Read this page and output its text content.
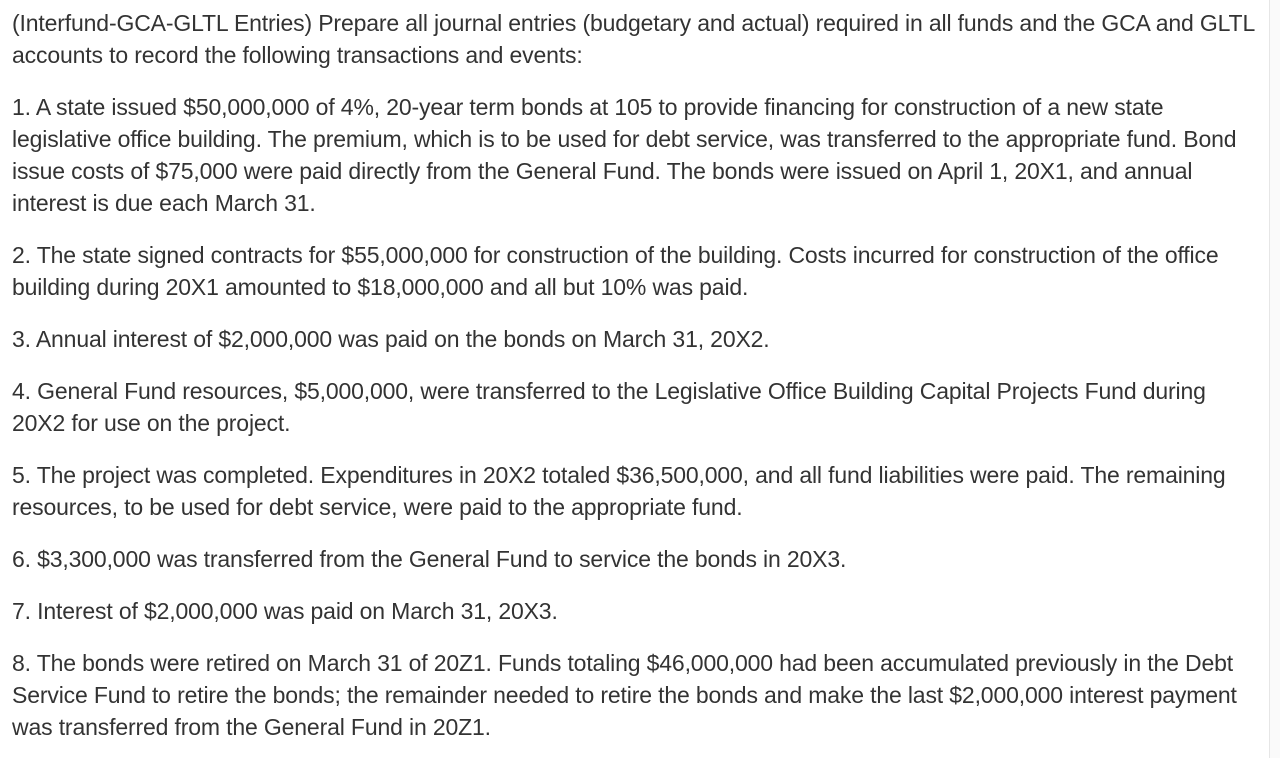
(Interfund-GCA-GLTL Entries) Prepare all journal entries (budgetary and actual) required in all funds and the GCA and GLTL accounts to record the following transactions and events:

1. A state issued $50,000,000 of 4%, 20-year term bonds at 105 to provide financing for construction of a new state legislative office building. The premium, which is to be used for debt service, was transferred to the appropriate fund. Bond issue costs of $75,000 were paid directly from the General Fund. The bonds were issued on April 1, 20X1, and annual interest is due each March 31.

2. The state signed contracts for $55,000,000 for construction of the building. Costs incurred for construction of the office building during 20X1 amounted to $18,000,000 and all but 10% was paid.

3. Annual interest of $2,000,000 was paid on the bonds on March 31, 20X2.

4. General Fund resources, $5,000,000, were transferred to the Legislative Office Building Capital Projects Fund during 20X2 for use on the project.

5. The project was completed. Expenditures in 20X2 totaled $36,500,000, and all fund liabilities were paid. The remaining resources, to be used for debt service, were paid to the appropriate fund.

6. $3,300,000 was transferred from the General Fund to service the bonds in 20X3.

7. Interest of $2,000,000 was paid on March 31, 20X3.

8. The bonds were retired on March 31 of 20Z1. Funds totaling $46,000,000 had been accumulated previously in the Debt Service Fund to retire the bonds; the remainder needed to retire the bonds and make the last $2,000,000 interest payment was transferred from the General Fund in 20Z1.
